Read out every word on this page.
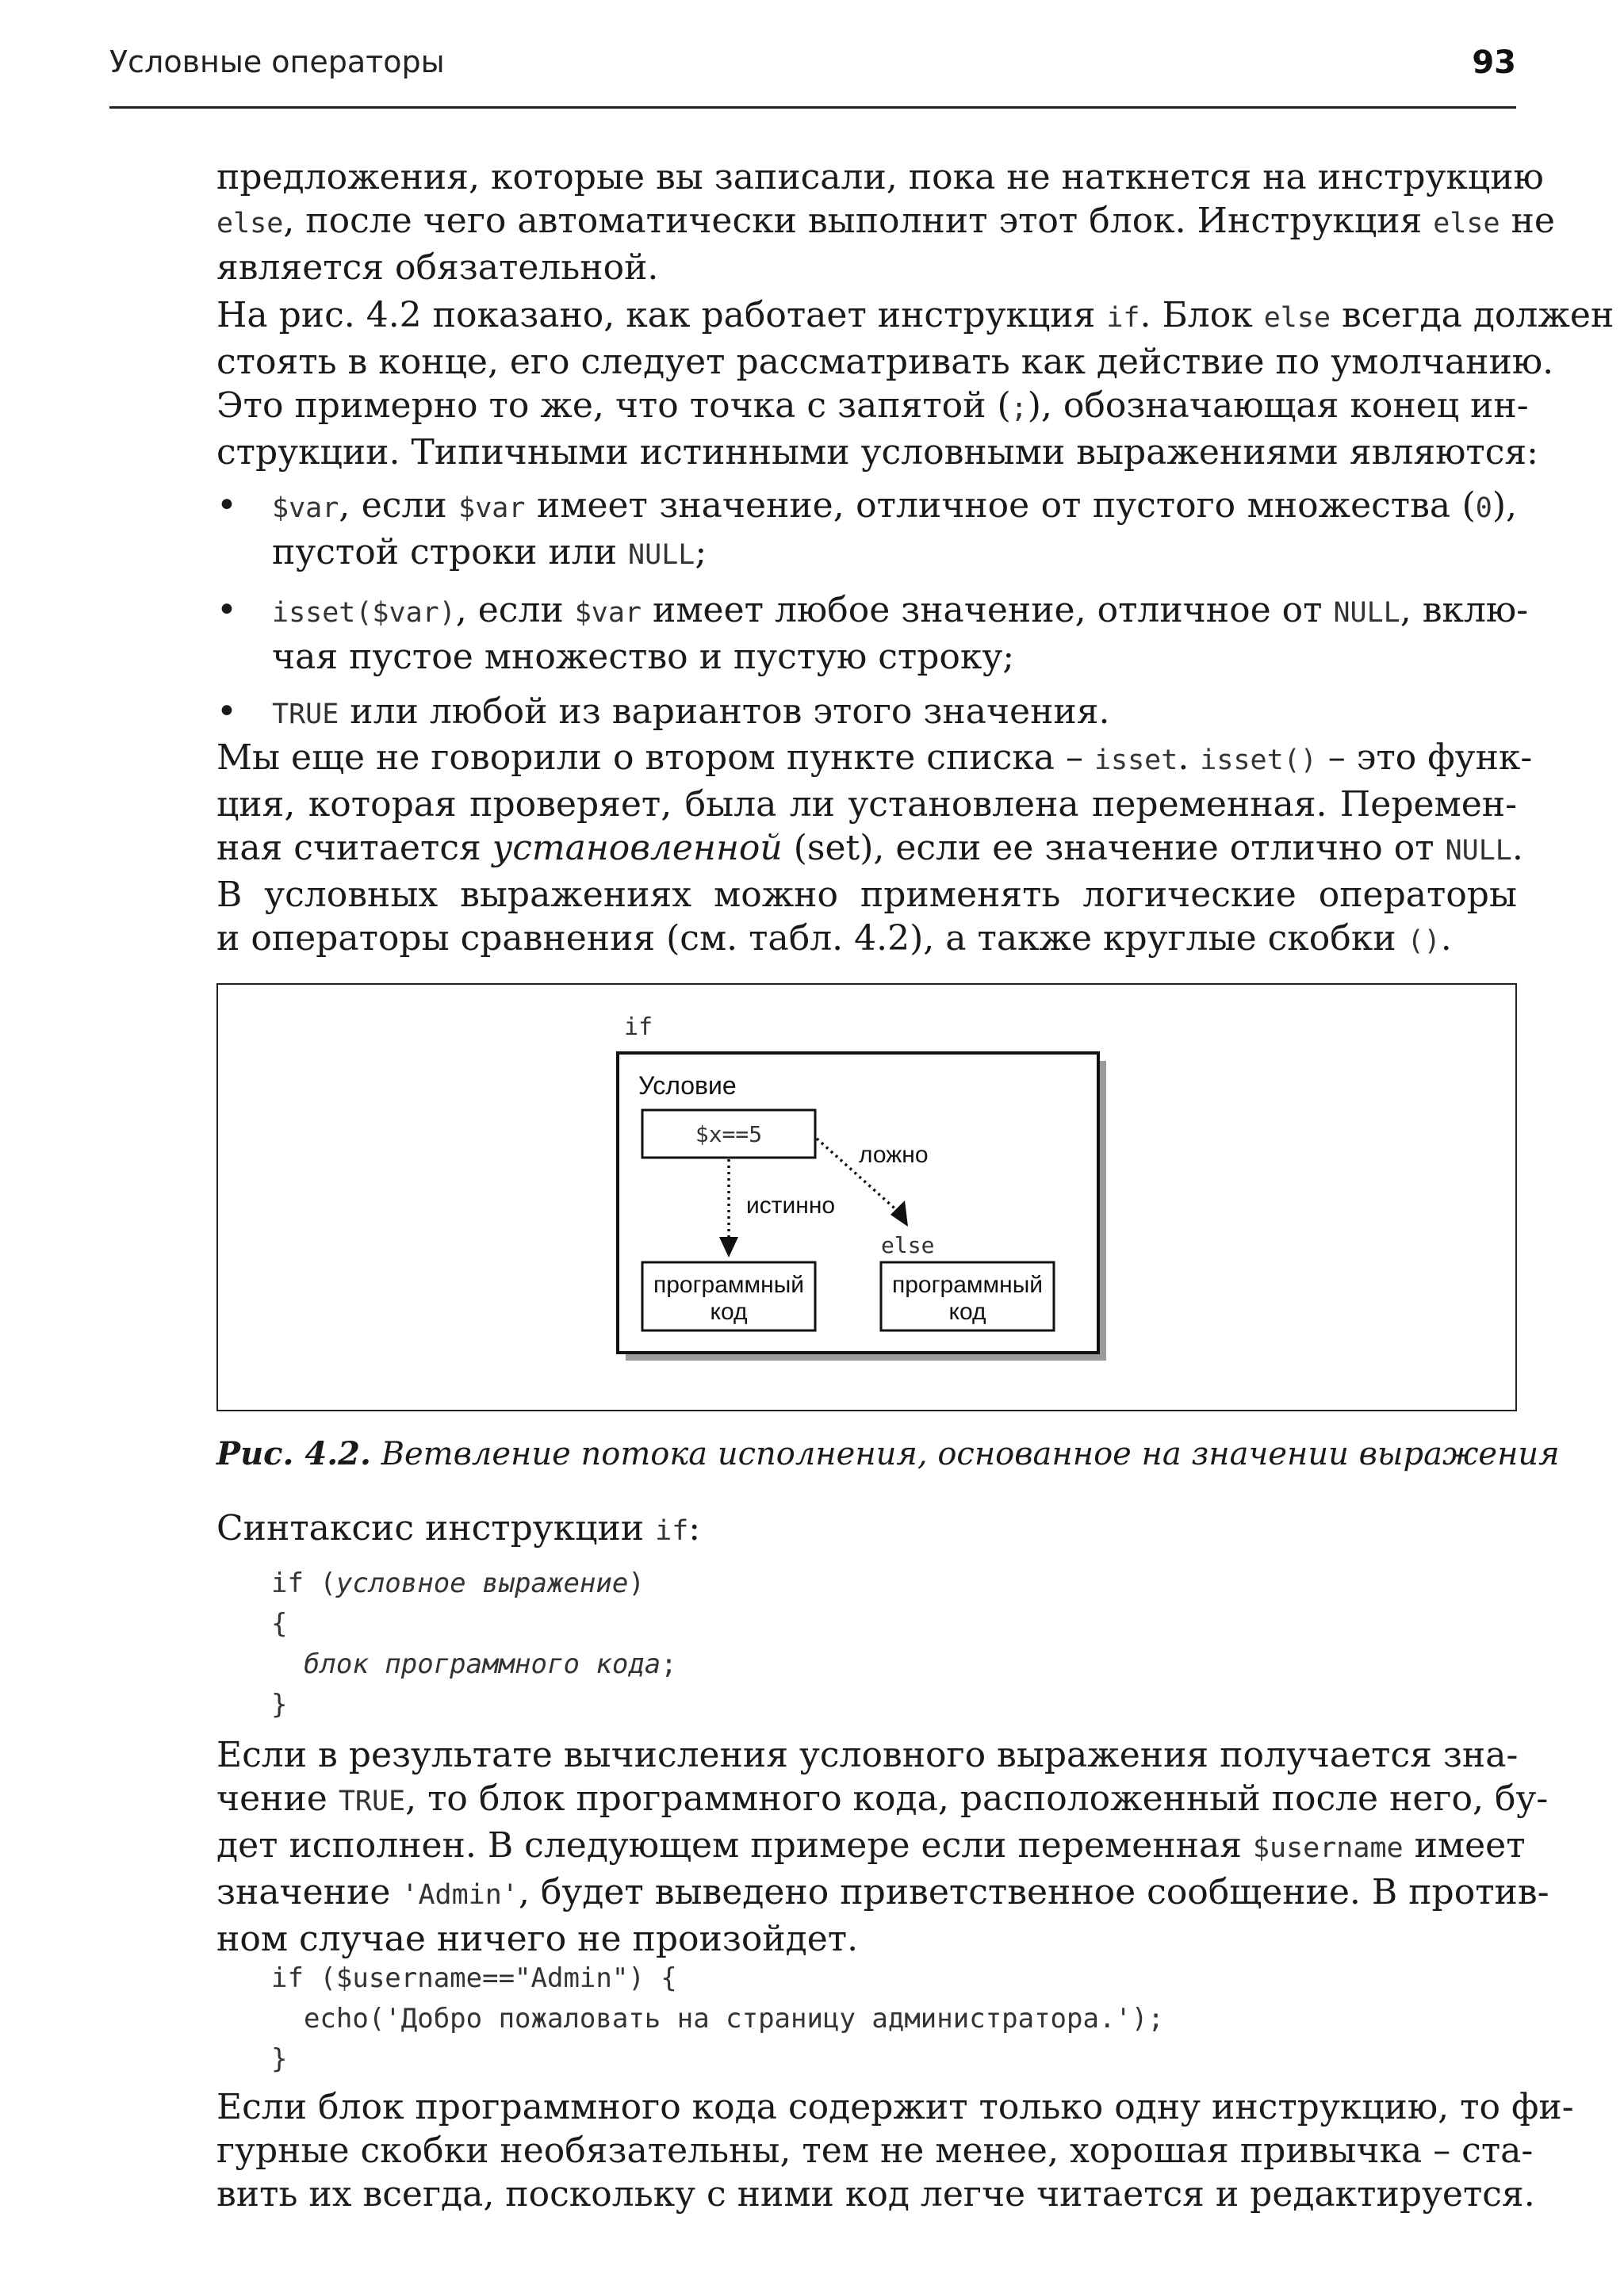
Условные операторы	93
предложения, которые вы записали, пока не наткнется на инструкцию
else, после чего автоматически выполнит этот блок. Инструкция else не
является обязательной.
На рис. 4.2 показано, как работает инструкция if. Блок else всегда должен
стоять в конце, его следует рассматривать как действие по умолчанию.
Это примерно то же, что точка с запятой (;), обозначающая конец ин-
струкции. Типичными истинными условными выражениями являются:
• $var, если $var имеет значение, отличное от пустого множества (0),
пустой строки или NULL;
• isset($var), если $var имеет любое значение, отличное от NULL, вклю-
чая пустое множество и пустую строку;
• TRUE или любой из вариантов этого значения.
Мы еще не говорили о втором пункте списка – isset. isset() – это функ-
ция, которая проверяет, была ли установлена переменная. Перемен-
ная считается установленной (set), если ее значение отлично от NULL.
В условных выражениях можно применять логические операторы
и операторы сравнения (см. табл. 4.2), а также круглые скобки ().
if
Условие
$x==5
истинно
ложно
else
программный
код
программный
код
Рис. 4.2. Ветвление потока исполнения, основанное на значении выражения
Синтаксис инструкции if:
if (условное выражение)
{
блок программного кода;
}
Если в результате вычисления условного выражения получается зна-
чение TRUE, то блок программного кода, расположенный после него, бу-
дет исполнен. В следующем примере если переменная $username имеет
значение 'Admin', будет выведено приветственное сообщение. В против-
ном случае ничего не произойдет.
if ($username=="Admin") {
echo('Добро пожаловать на страницу администратора.');
}
Если блок программного кода содержит только одну инструкцию, то фи-
гурные скобки необязательны, тем не менее, хорошая привычка – ста-
вить их всегда, поскольку с ними код легче читается и редактируется.
